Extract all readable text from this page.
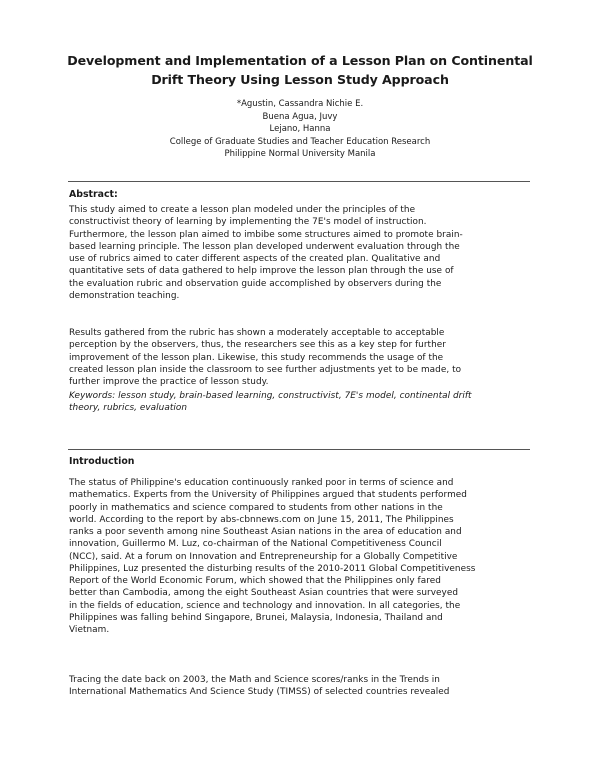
Development and Implementation of a Lesson Plan on Continental
Drift Theory Using Lesson Study Approach
*Agustin, Cassandra Nichie E.
Buena Agua, Juvy
Lejano, Hanna
College of Graduate Studies and Teacher Education Research
Philippine Normal University Manila
Abstract:
This study aimed to create a lesson plan modeled under the principles of the
constructivist theory of learning by implementing the 7E's model of instruction.
Furthermore, the lesson plan aimed to imbibe some structures aimed to promote brain-
based learning principle. The lesson plan developed underwent evaluation through the
use of rubrics aimed to cater different aspects of the created plan. Qualitative and
quantitative sets of data gathered to help improve the lesson plan through the use of
the evaluation rubric and observation guide accomplished by observers during the
demonstration teaching.
Results gathered from the rubric has shown a moderately acceptable to acceptable
perception by the observers, thus, the researchers see this as a key step for further
improvement of the lesson plan. Likewise, this study recommends the usage of the
created lesson plan inside the classroom to see further adjustments yet to be made, to
further improve the practice of lesson study.
Keywords: lesson study, brain-based learning, constructivist, 7E's model, continental drift
theory, rubrics, evaluation
Introduction
The status of Philippine's education continuously ranked poor in terms of science and
mathematics. Experts from the University of Philippines argued that students performed
poorly in mathematics and science compared to students from other nations in the
world. According to the report by abs-cbnnews.com on June 15, 2011, The Philippines
ranks a poor seventh among nine Southeast Asian nations in the area of education and
innovation, Guillermo M. Luz, co-chairman of the National Competitiveness Council
(NCC), said. At a forum on Innovation and Entrepreneurship for a Globally Competitive
Philippines, Luz presented the disturbing results of the 2010-2011 Global Competitiveness
Report of the World Economic Forum, which showed that the Philippines only fared
better than Cambodia, among the eight Southeast Asian countries that were surveyed
in the fields of education, science and technology and innovation. In all categories, the
Philippines was falling behind Singapore, Brunei, Malaysia, Indonesia, Thailand and
Vietnam.
Tracing the date back on 2003, the Math and Science scores/ranks in the Trends in
International Mathematics And Science Study (TIMSS) of selected countries revealed
